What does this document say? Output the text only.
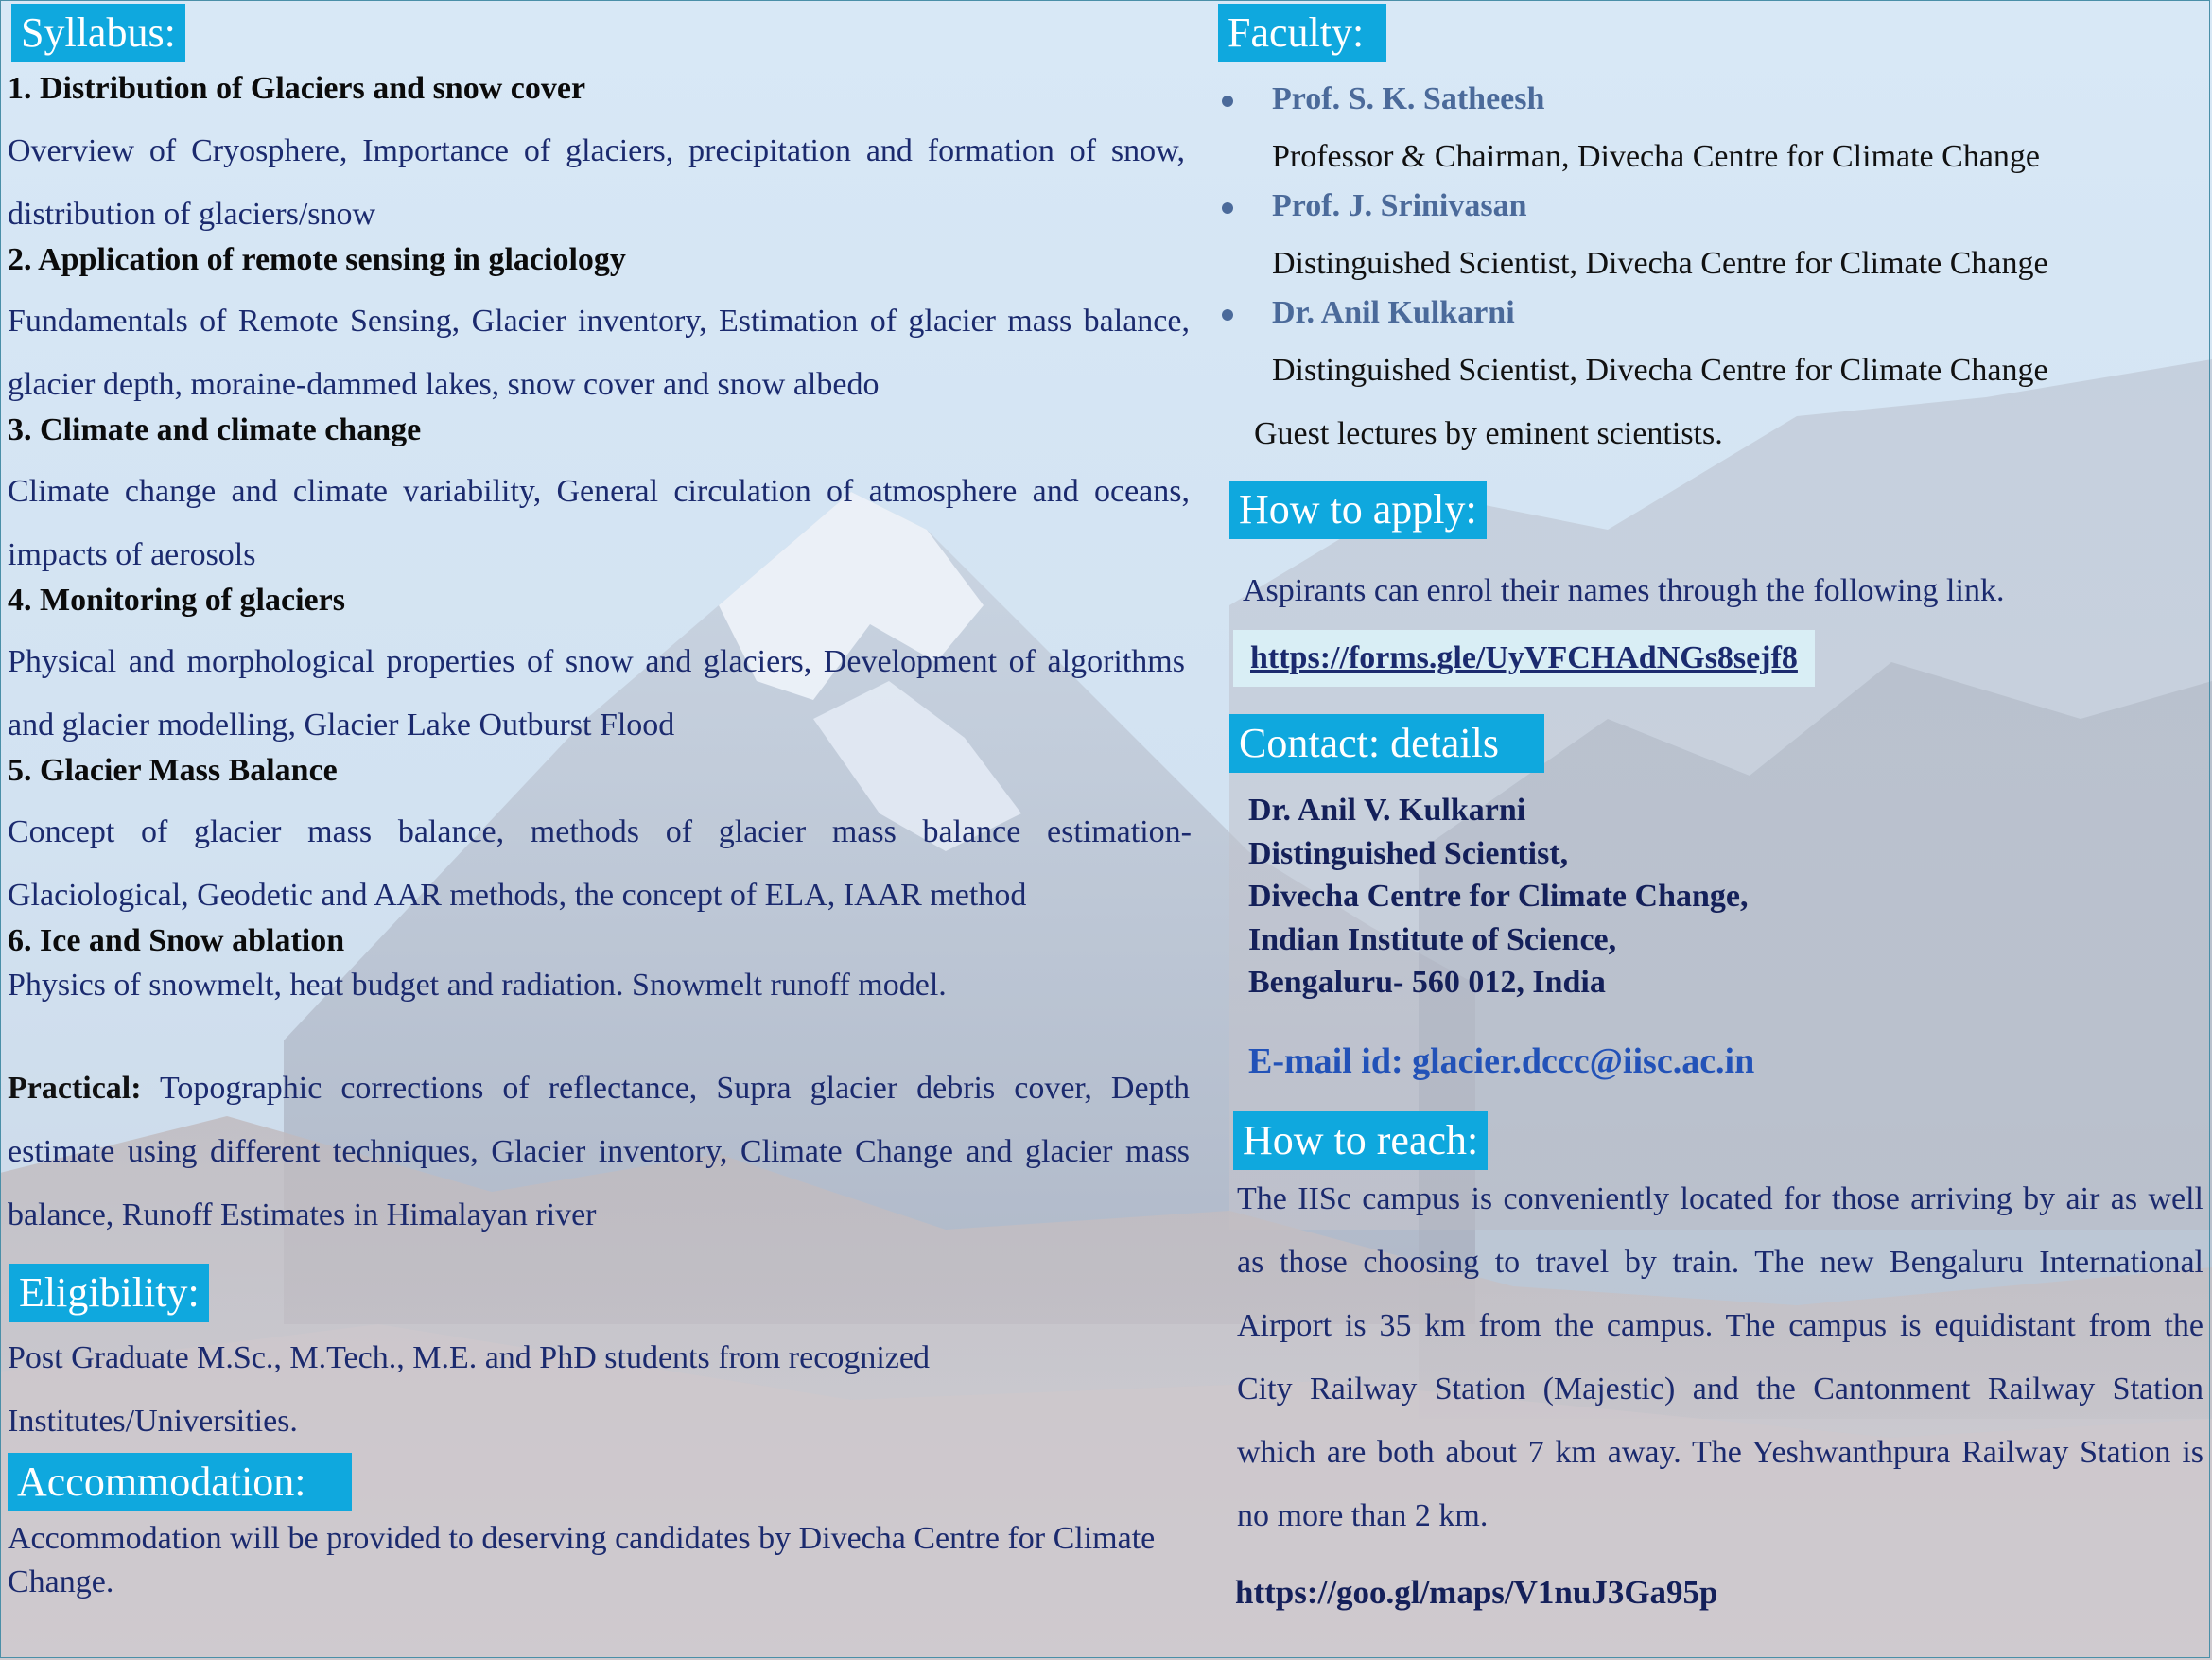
Syllabus:
1. Distribution of Glaciers and snow cover
Overview of Cryosphere, Importance of glaciers, precipitation and formation of snow, distribution of glaciers/snow
2. Application of remote sensing in glaciology
Fundamentals of Remote Sensing, Glacier inventory, Estimation of glacier mass balance, glacier depth, moraine-dammed lakes, snow cover and snow albedo
3. Climate and climate change
Climate change and climate variability, General circulation of atmosphere and oceans, impacts of aerosols
4. Monitoring of glaciers
Physical and morphological properties of snow and glaciers, Development of algorithms and glacier modelling, Glacier Lake Outburst Flood
5. Glacier Mass Balance
Concept of glacier mass balance, methods of glacier mass balance estimation- Glaciological, Geodetic and AAR methods, the concept of ELA, IAAR method
6. Ice and Snow ablation
Physics of snowmelt, heat budget and radiation. Snowmelt runoff model.
Practical: Topographic corrections of reflectance, Supra glacier debris cover, Depth estimate using different techniques, Glacier inventory, Climate Change and glacier mass balance, Runoff Estimates in Himalayan river
Eligibility:
Post Graduate M.Sc., M.Tech., M.E. and PhD students from recognized Institutes/Universities.
Accommodation:
Accommodation will be provided to deserving candidates by Divecha Centre for Climate Change.
Faculty:
Prof. S. K. Satheesh
Professor & Chairman, Divecha Centre for Climate Change
Prof. J. Srinivasan
Distinguished Scientist, Divecha Centre for Climate Change
Dr. Anil Kulkarni
Distinguished Scientist, Divecha Centre for Climate Change
Guest lectures by eminent scientists.
How to apply:
Aspirants can enrol their names through the following link.
https://forms.gle/UyVFCHAdNGs8sejf8
Contact: details
Dr. Anil V. Kulkarni
Distinguished Scientist,
Divecha Centre for Climate Change,
Indian Institute of Science,
Bengaluru- 560 012, India
E-mail id: glacier.dccc@iisc.ac.in
How to reach:
The IISc campus is conveniently located for those arriving by air as well as those choosing to travel by train. The new Bengaluru International Airport is 35 km from the campus. The campus is equidistant from the City Railway Station (Majestic) and the Cantonment Railway Station which are both about 7 km away. The Yeshwanthpura Railway Station is no more than 2 km.
https://goo.gl/maps/V1nuJ3Ga95p
